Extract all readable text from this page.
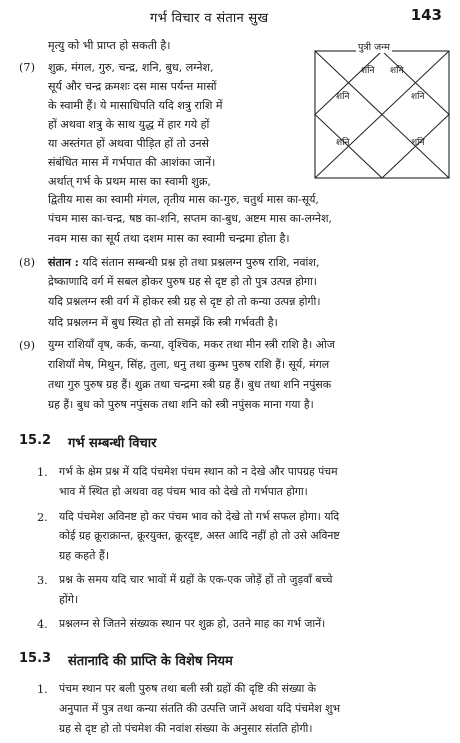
गर्भ विचार व संतान सुख	143
पुत्री जन्म
शनि शनि
शनि	शनि
शनि	शनि
मृत्यु को भी प्राप्त हो सकती है।
(7) शुक्र, मंगल, गुरु, चन्द्र, शनि, बुध, लग्नेश,
सूर्य और चन्द्र क्रमशः दस मास पर्यन्त मासों
के स्वामी हैं। ये मासाधिपति यदि शत्रु राशि में
हों अथवा शत्रु के साथ युद्ध में हार गये हों
या अस्तंगत हों अथवा पीड़ित हों तो उनसे
संबंधित मास में गर्भपात की आशंका जानें।
अर्थात् गर्भ के प्रथम मास का स्वामी शुक्र,
द्वितीय मास का स्वामी मंगल, तृतीय मास का-गुरु, चतुर्थ मास का-सूर्य,
पंचम मास का-चन्द्र, षष्ठ का-शनि, सप्तम का-बुध, अष्टम मास का-लग्नेश,
नवम मास का सूर्य तथा दशम मास का स्वामी चन्द्रमा होता है।
(8) संतान : यदि संतान सम्बन्धी प्रश्न हो तथा प्रश्नलग्न पुरुष राशि, नवांश,
द्रेष्काणादि वर्ग में सबल होकर पुरुष ग्रह से दृष्ट हो तो पुत्र उत्पन्न होगा।
यदि प्रश्नलग्न स्त्री वर्ग में होकर स्त्री ग्रह से दृष्ट हो तो कन्या उत्पन्न होगी।
यदि प्रश्नलग्न में बुध स्थित हो तो समझें कि स्त्री गर्भवती है।
(9) युग्म राशियाँ वृष, कर्क, कन्या, वृश्चिक, मकर तथा मीन स्त्री राशि है। ओज
राशियाँ मेष, मिथुन, सिंह, तुला, धनु तथा कुम्भ पुरुष राशि हैं। सूर्य, मंगल
तथा गुरु पुरुष ग्रह हैं। शुक्र तथा चन्द्रमा स्त्री ग्रह हैं। बुध तथा शनि नपुंसक
ग्रह हैं। बुध को पुरुष नपुंसक तथा शनि को स्त्री नपुंसक माना गया है।
15.2 गर्भ सम्बन्धी विचार
1. गर्भ के क्षेम प्रश्न में यदि पंचमेश पंचम स्थान को न देखे और पापग्रह पंचम
भाव में स्थित हो अथवा वह पंचम भाव को देखे तो गर्भपात होगा।
2. यदि पंचमेश अविनष्ट हो कर पंचम भाव को देखे तो गर्भ सफल होगा। यदि
कोई ग्रह क्रूराक्रान्त, क्रूरयुक्त, क्रूरदृष्ट, अस्त आदि नहीं हो तो उसे अविनष्ट
ग्रह कहते हैं।
3. प्रश्न के समय यदि चार भावों में ग्रहों के एक-एक जोड़ें हों तो जुड़वाँ बच्चे
होंगे।
4. प्रश्नलग्न से जितने संख्यक स्थान पर शुक्र हो, उतने माह का गर्भ जानें।
15.3 संतानादि की प्राप्ति के विशेष नियम
1. पंचम स्थान पर बली पुरुष तथा बली स्त्री ग्रहों की दृष्टि की संख्या के
अनुपात में पुत्र तथा कन्या संतति की उत्पत्ति जानें अथवा यदि पंचमेश शुभ
ग्रह से दृष्ट हो तो पंचमेश की नवांश संख्या के अनुसार संतति होगी।
